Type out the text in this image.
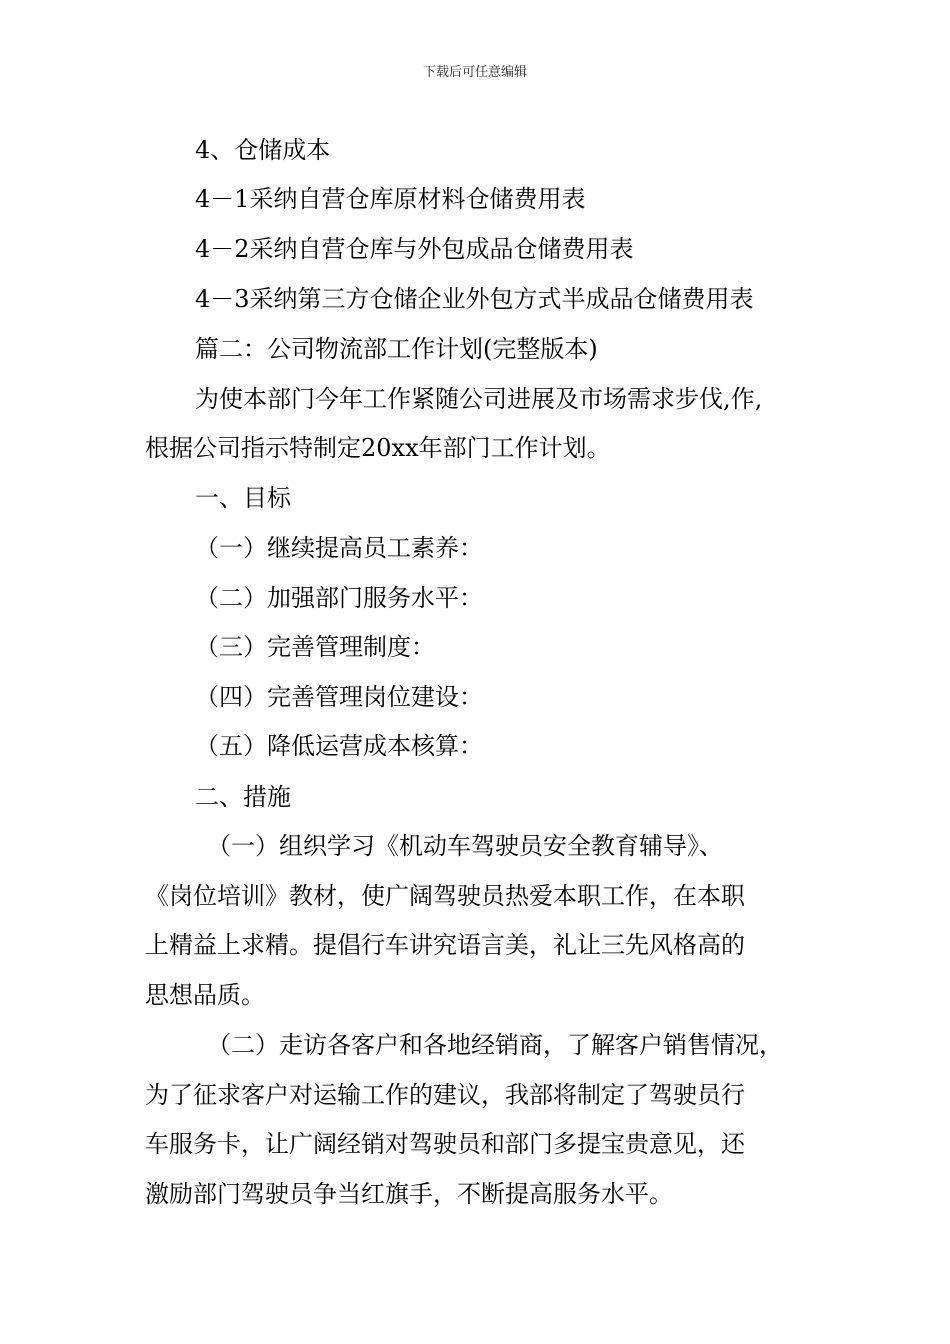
下载后可任意编辑
4、仓储成本
4－1采纳自营仓库原材料仓储费用表
4－2采纳自营仓库与外包成品仓储费用表
4－3采纳第三方仓储企业外包方式半成品仓储费用表
篇二：公司物流部工作计划(完整版本)
为使本部门今年工作紧随公司进展及市场需求步伐,作,
根据公司指示特制定20xx年部门工作计划。
一、目标
（一）继续提高员工素养：
（二）加强部门服务水平：
（三）完善管理制度：
（四）完善管理岗位建设：
（五）降低运营成本核算：
二、措施
（一）组织学习《机动车驾驶员安全教育辅导》、
《岗位培训》教材，使广阔驾驶员热爱本职工作，在本职
上精益上求精。提倡行车讲究语言美，礼让三先风格高的
思想品质。
（二）走访各客户和各地经销商，了解客户销售情况，
为了征求客户对运输工作的建议，我部将制定了驾驶员行
车服务卡，让广阔经销对驾驶员和部门多提宝贵意见，还
激励部门驾驶员争当红旗手，不断提高服务水平。
